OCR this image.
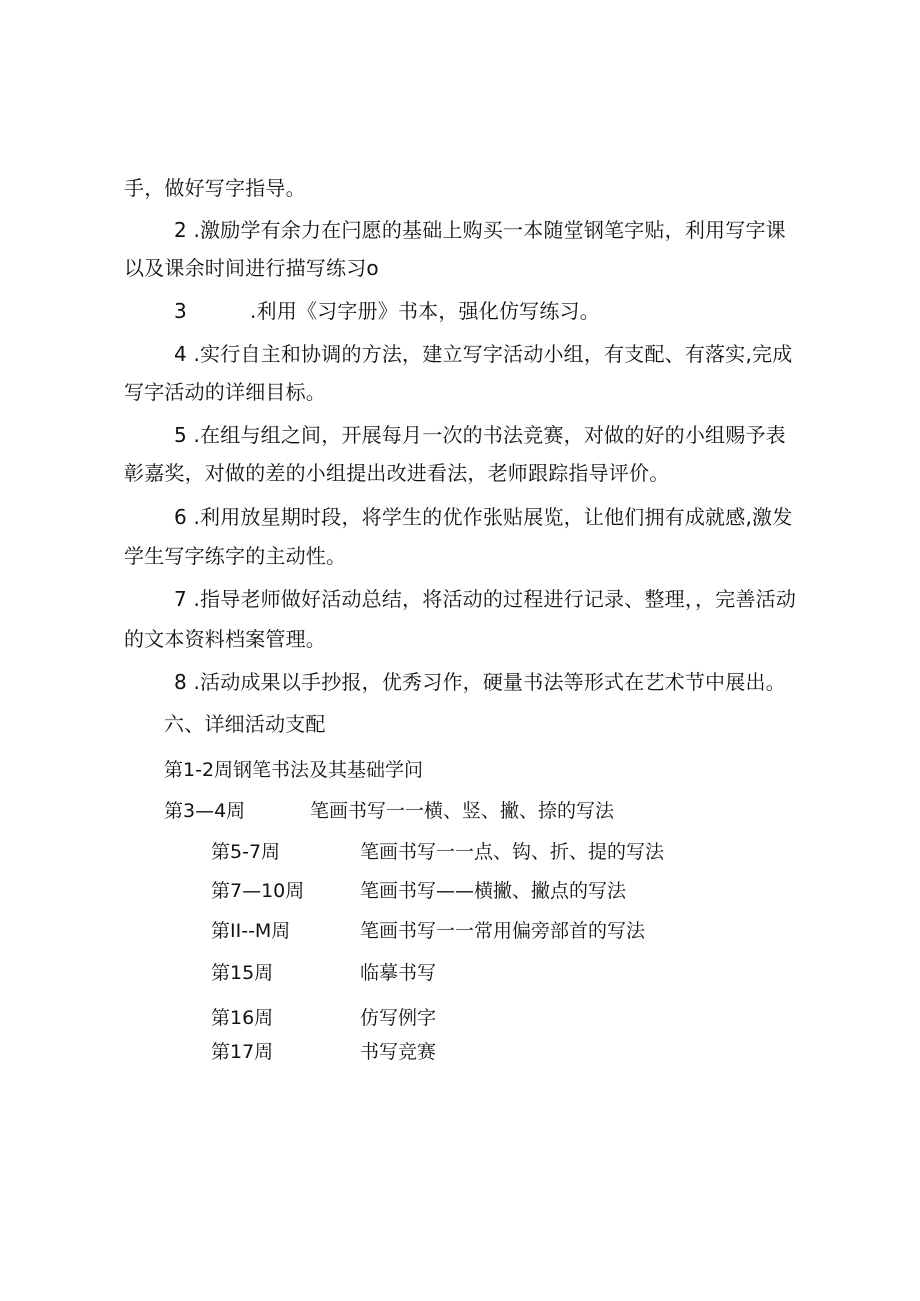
手，做好写字指导。
2 .激励学有余力在闩愿的基础上购买一本随堂钢笔字贴，利用写字课
以及课余时间进行描写练习o
3	.利用《习字册》书本，强化仿写练习。
4 .实行自主和协调的方法，建立写字活动小组，有支配、有落实,完成
写字活动的详细目标。
5 .在组与组之间，开展每月一次的书法竞赛，对做的好的小组赐予表
彰嘉奖，对做的差的小组提出改进看法，老师跟踪指导评价。
6 .利用放星期时段，将学生的优作张贴展览，让他们拥有成就感,激发
学生写字练字的主动性。
7 .指导老师做好活动总结，将活动的过程进行记录、整理，，完善活动
的文本资料档案管理。
8 .活动成果以手抄报，优秀习作，硬量书法等形式在艺术节中展出。
六、详细活动支配
第1-2周钢笔书法及其基础学问
第3—4周	笔画书写一一横、竖、撇、捺的写法
第5-7周	笔画书写一一点、钩、折、提的写法
第7—10周	笔画书写——横撇、撇点的写法
第II--M周	笔画书写一一常用偏旁部首的写法
第15周	临摹书写
第16周	仿写例字
第17周	书写竞赛
